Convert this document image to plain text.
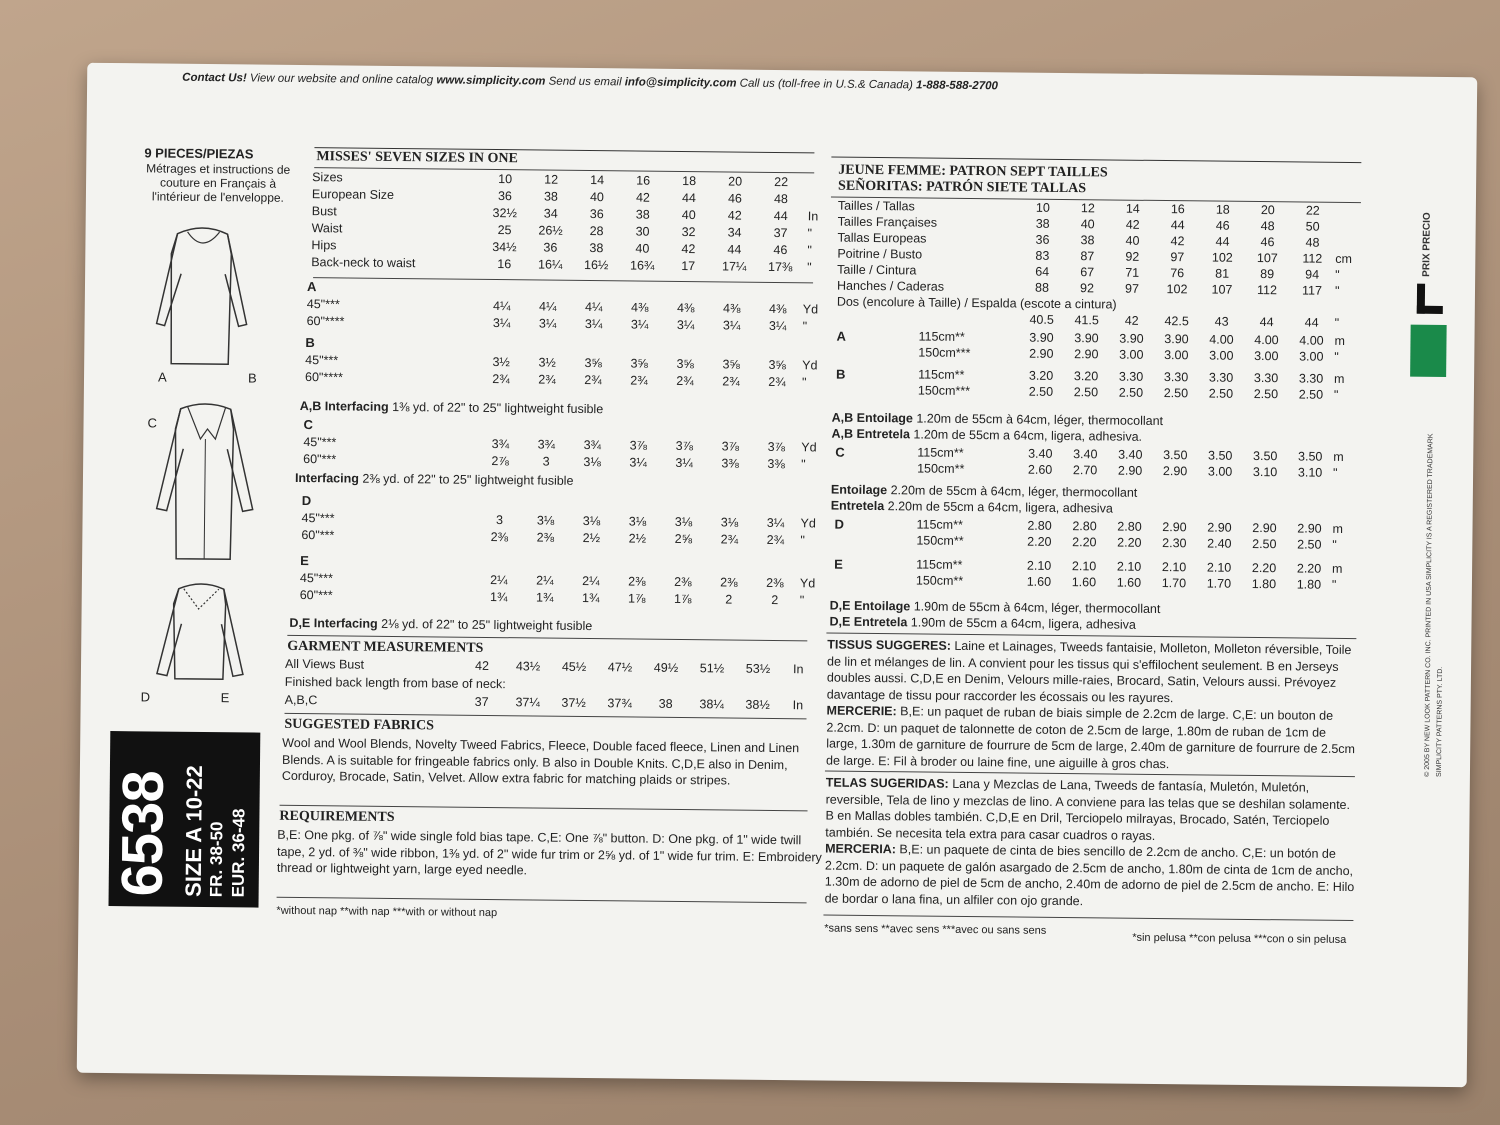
Contact Us! View our website and online catalog www.simplicity.com Send us email info@simplicity.com Call us (toll-free in U.S.& Canada) 1-888-588-2700
9 PIECES/PIEZAS
Métrages et instructions de couture en Français à l'intérieur de l'enveloppe.
A	B
C
D	E
6538 SIZE A 10-22 FR. 38-50 EUR. 36-48
MISSES' SEVEN SIZES IN ONE
Sizes	10	12	14	16	18	20	22
European Size	36	38	40	42	44	46	48
Bust	32½	34	36	38	40	42	44	In
Waist	25	26½	28	30	32	34	37	"
Hips	34½	36	38	40	42	44	46	"
Back-neck to waist	16	16¼	16½	16¾	17	17¼	17⅜	"
A
45"***	4¼	4¼	4¼	4⅜	4⅜	4⅜	4⅜	Yd
60"****	3¼	3¼	3¼	3¼	3¼	3¼	3¼	"
B
45"***	3½	3½	3⅝	3⅝	3⅝	3⅝	3⅝	Yd
60"****	2¾	2¾	2¾	2¾	2¾	2¾	2¾	"
C
45"***	3¾	3¾	3¾	3⅞	3⅞	3⅞	3⅞	Yd
60"***	2⅞	3	3⅛	3¼	3¼	3⅜	3⅜	"
D
45"***	3	3⅛	3⅛	3⅛	3⅛	3⅛	3¼	Yd
60"***	2⅜	2⅜	2½	2½	2⅝	2¾	2¾	"
E
45"***	2¼	2¼	2¼	2⅜	2⅜	2⅜	2⅜	Yd
60"***	1¾	1¾	1¾	1⅞	1⅞	2	2	"
A,B Interfacing 1⅜ yd. of 22" to 25" lightweight fusible
Interfacing 2⅜ yd. of 22" to 25" lightweight fusible
D,E Interfacing 2⅛ yd. of 22" to 25" lightweight fusible
GARMENT MEASUREMENTS
All Views Bust	42	43½	45½	47½	49½	51½	53½	In
Finished back length from base of neck:
A,B,C	37	37¼	37½	37¾	38	38¼	38½	In
SUGGESTED FABRICS
Wool and Wool Blends, Novelty Tweed Fabrics, Fleece, Double faced fleece, Linen and Linen Blends. A is suitable for fringeable fabrics only. B also in Double Knits. C,D,E also in Denim, Corduroy, Brocade, Satin, Velvet. Allow extra fabric for matching plaids or stripes.
REQUIREMENTS
B,E: One pkg. of ⅞" wide single fold bias tape. C,E: One ⅞" button. D: One pkg. of 1" wide twill tape, 2 yd. of ⅜" wide ribbon, 1⅜ yd. of 2" wide fur trim or 2⅝ yd. of 1" wide fur trim. E: Embroidery thread or lightweight yarn, large eyed needle.
*without nap **with nap ***with or without nap
JEUNE FEMME: PATRON SEPT TAILLES
SEÑORITAS: PATRÓN SIETE TALLAS
Tailles / Tallas	10	12	14	16	18	20	22
Tailles Françaises	38	40	42	44	46	48	50
Tallas Europeas	36	38	40	42	44	46	48
Poitrine / Busto	83	87	92	97	102	107	112	cm
Taille / Cintura	64	67	71	76	81	89	94	"
Hanches / Caderas	88	92	97	102	107	112	117	"
Dos (encolure à Taille) / Espalda (escote a cintura)
40.5	41.5	42	42.5	43	44	44	"
A	115cm**	3.90	3.90	3.90	3.90	4.00	4.00	4.00 m
150cm***	2.90	2.90	3.00	3.00	3.00	3.00	3.00 "
B	115cm**	3.20	3.20	3.30	3.30	3.30	3.30	3.30 m
150cm***	2.50	2.50	2.50	2.50	2.50	2.50	2.50 "
C	115cm**	3.40	3.40	3.40	3.50	3.50	3.50	3.50 m
150cm**	2.60	2.70	2.90	2.90	3.00	3.10	3.10 "
D	115cm**	2.80	2.80	2.80	2.90	2.90	2.90	2.90 m
150cm**	2.20	2.20	2.20	2.30	2.40	2.50	2.50 "
E	115cm**	2.10	2.10	2.10	2.10	2.10	2.20	2.20 m
150cm**	1.60	1.60	1.60	1.70	1.70	1.80	1.80 "
A,B Entoilage 1.20m de 55cm à 64cm, léger, thermocollant
A,B Entretela 1.20m de 55cm a 64cm, ligera, adhesiva.
Entoilage 2.20m de 55cm à 64cm, léger, thermocollant
Entretela 2.20m de 55cm a 64cm, ligera, adhesiva
D,E Entoilage 1.90m de 55cm à 64cm, léger, thermocollant
D,E Entretela 1.90m de 55cm a 64cm, ligera, adhesiva
TISSUS SUGGERES: Laine et Lainages, Tweeds fantaisie, Molleton, Molleton réversible, Toile de lin et mélanges de lin. A convient pour les tissus qui s'effilochent seulement. B en Jerseys doubles aussi. C,D,E en Denim, Velours mille-raies, Brocard, Satin, Velours aussi. Prévoyez davantage de tissu pour raccorder les écossais ou les rayures.
MERCERIE: B,E: un paquet de ruban de biais simple de 2.2cm de large. C,E: un bouton de 2.2cm. D: un paquet de talonnette de coton de 2.5cm de large, 1.80m de ruban de 1cm de large, 1.30m de garniture de fourrure de 5cm de large, 2.40m de garniture de fourrure de 2.5cm de large. E: Fil à broder ou laine fine, une aiguille à gros chas.
TELAS SUGERIDAS: Lana y Mezclas de Lana, Tweeds de fantasía, Muletón, Muletón, reversible, Tela de lino y mezclas de lino. A conviene para las telas que se deshilan solamente. B en Mallas dobles también. C,D,E en Dril, Terciopelo milrayas, Brocado, Satén, Terciopelo también. Se necesita tela extra para casar cuadros o rayas.
MERCERIA: B,E: un paquete de cinta de bies sencillo de 2.2cm de ancho. C,E: un botón de 2.2cm. D: un paquete de galón asargado de 2.5cm de ancho, 1.80m de cinta de 1cm de ancho, 1.30m de adorno de piel de 5cm de ancho, 2.40m de adorno de piel de 2.5cm de ancho. E: Hilo de bordar o lana fina, un alfiler con ojo grande.
*sans sens **avec sens ***avec ou sans sens
*sin pelusa **con pelusa ***con o sin pelusa
PRIX PRECIO
© 2005 BY NEW LOOK PATTERN CO. INC. PRINTED IN USA SIMPLICITY IS A REGISTERED TRADEMARK SIMPLICITY PATTERNS PTY. LTD.
